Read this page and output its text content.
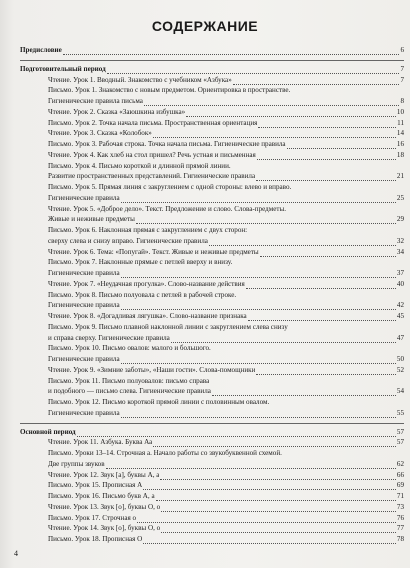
СОДЕРЖАНИЕ
Предисловие	6
Подготовительный период	7
Чтение. Урок 1. Вводный. Знакомство с учебником «Азбука»	7
Письмо. Урок 1. Знакомство с новым предметом. Ориентировка в пространстве.
Гигиенические правила письма	8
Чтение. Урок 2. Сказка «Заюшкина избушка»	10
Письмо. Урок 2. Точка начала письма. Пространственная ориентация	11
Чтение. Урок 3. Сказка «Колобок»	14
Письмо. Урок 3. Рабочая строка. Точка начала письма. Гигиенические правила	16
Чтение. Урок 4. Как хлеб на стол пришел? Речь устная и письменная	18
Письмо. Урок 4. Письмо короткой и длинной прямой линии.
Развитие пространственных представлений. Гигиенические правила	21
Письмо. Урок 5. Прямая линия с закруглением с одной стороны: влево и вправо.
Гигиенические правила	25
Чтение. Урок 5. «Доброе дело». Текст. Предложение и слово. Слова-предметы.
Живые и неживые предметы	29
Письмо. Урок 6. Наклонная прямая с закруглением с двух сторон:
сверху слева и снизу вправо. Гигиенические правила	32
Чтение. Урок 6. Тема: «Попугай». Текст. Живые и неживые предметы	34
Письмо. Урок 7. Наклонные прямые с петлей вверху и внизу.
Гигиенические правила	37
Чтение. Урок 7. «Неудачная прогулка». Слово-название действия	40
Письмо. Урок 8. Письмо полуовала с петлей в рабочей строке.
Гигиенические правила	42
Чтение. Урок 8. «Догадливая лягушка». Слово-название признака	45
Письмо. Урок 9. Письмо плавной наклонной линии с закруглением слева снизу
и справа сверху. Гигиенические правила	47
Письмо. Урок 10. Письмо овалов: малого и большого.
Гигиенические правила	50
Чтение. Урок 9. «Зимние заботы», «Наши гости». Слова-помощники	52
Письмо. Урок 11. Письмо полуовалов: письмо справа
и подобного — письмо слева. Гигиенические правила	54
Письмо. Урок 12. Письмо короткой прямой линии с половинным овалом.
Гигиенические правила	55
Основной период	57
Чтение. Урок 11. Азбука. Буква Аа	57
Письмо. Уроки 13–14. Строчная а. Начало работы со звукобуквенной схемой.
Две группы звуков	62
Чтение. Урок 12. Звук [а], буквы А, а	66
Письмо. Урок 15. Прописная А	69
Письмо. Урок 16. Письмо букв А, а	71
Чтение. Урок 13. Звук [о], буквы О, о	73
Письмо. Урок 17. Строчная о	76
Чтение. Урок 14. Звук [о], буквы О, о	77
Письмо. Урок 18. Прописная О	78
4
